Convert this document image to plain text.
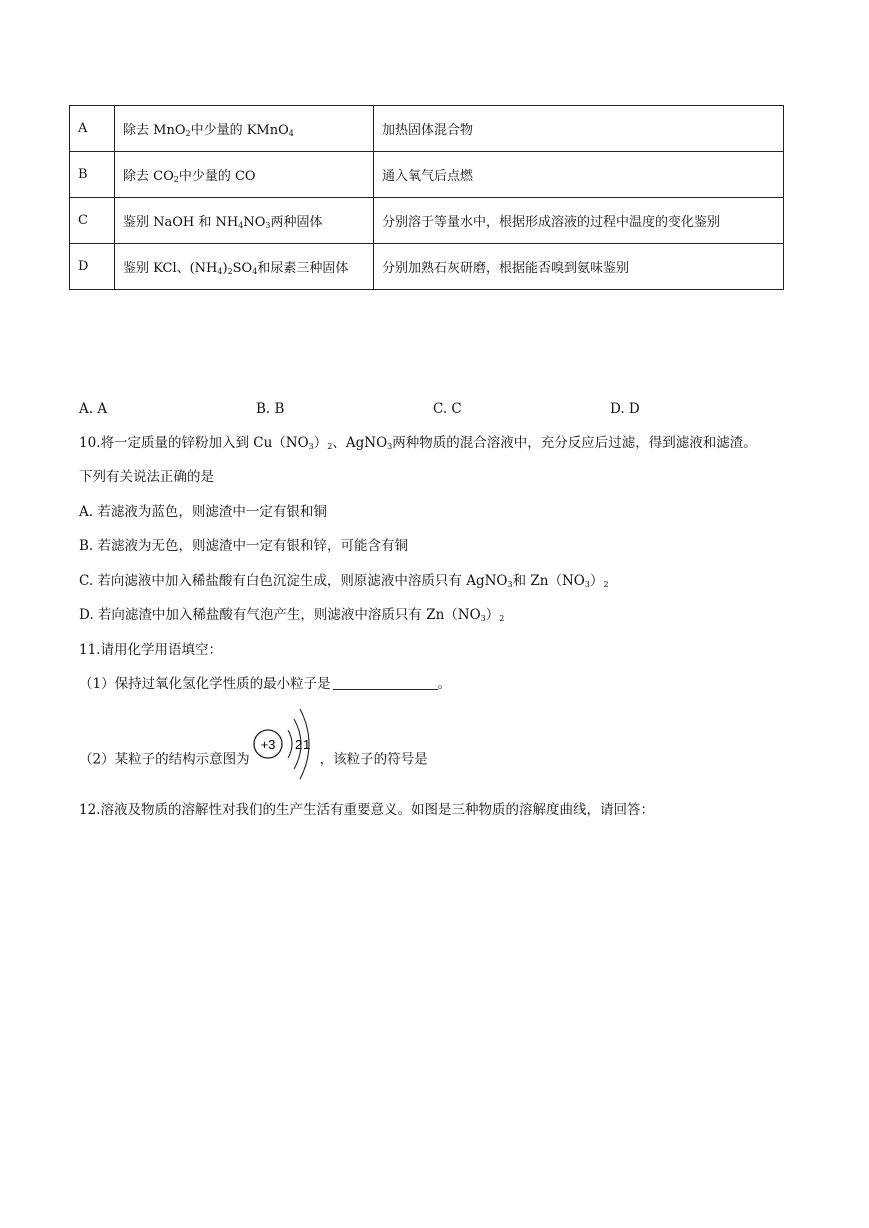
A	除去 MnO$_2$中少量的 KMnO$_4$	加热固体混合物
B	除去 $CO_2$中少量的 CO	通入氧气后点燃
C	鉴别 NaOH 和 $NH_4NO_3$两种固体	分别溶于等量水中，根据形成溶液的过程中温度的变化鉴别
D	鉴别 KCl、$(NH_4)_2SO_4$和尿素三种固体	分别加熟石灰研磨，根据能否嗅到氨味鉴别
A. A	B. B	C. C	D. D
10.将一定质量的锌粉加入到 $Cu(NO_3)_2$、AgNO$_3$两种物质的混合溶液中，充分反应后过滤，得到滤液和滤渣。
下列有关说法正确的是
A. 若滤液为蓝色，则滤渣中一定有银和铜
B. 若滤液为无色，则滤渣中一定有银和锌，可能含有铜
C. 若向滤液中加入稀盐酸有白色沉淀生成，则原滤液中溶质只有 AgNO$_3$和 $Zn(NO_3)_2$
D. 若向滤渣中加入稀盐酸有气泡产生，则滤液中溶质只有 $Zn(NO_3)_2$
11.请用化学用语填空：
（1）保持过氧化氢化学性质的最小粒子是	。
（2）某粒子的结构示意图为
+3 2 1
，该粒子的符号是
12.溶液及物质的溶解性对我们的生产生活有重要意义。如图是三种物质的溶解度曲线，请回答：
